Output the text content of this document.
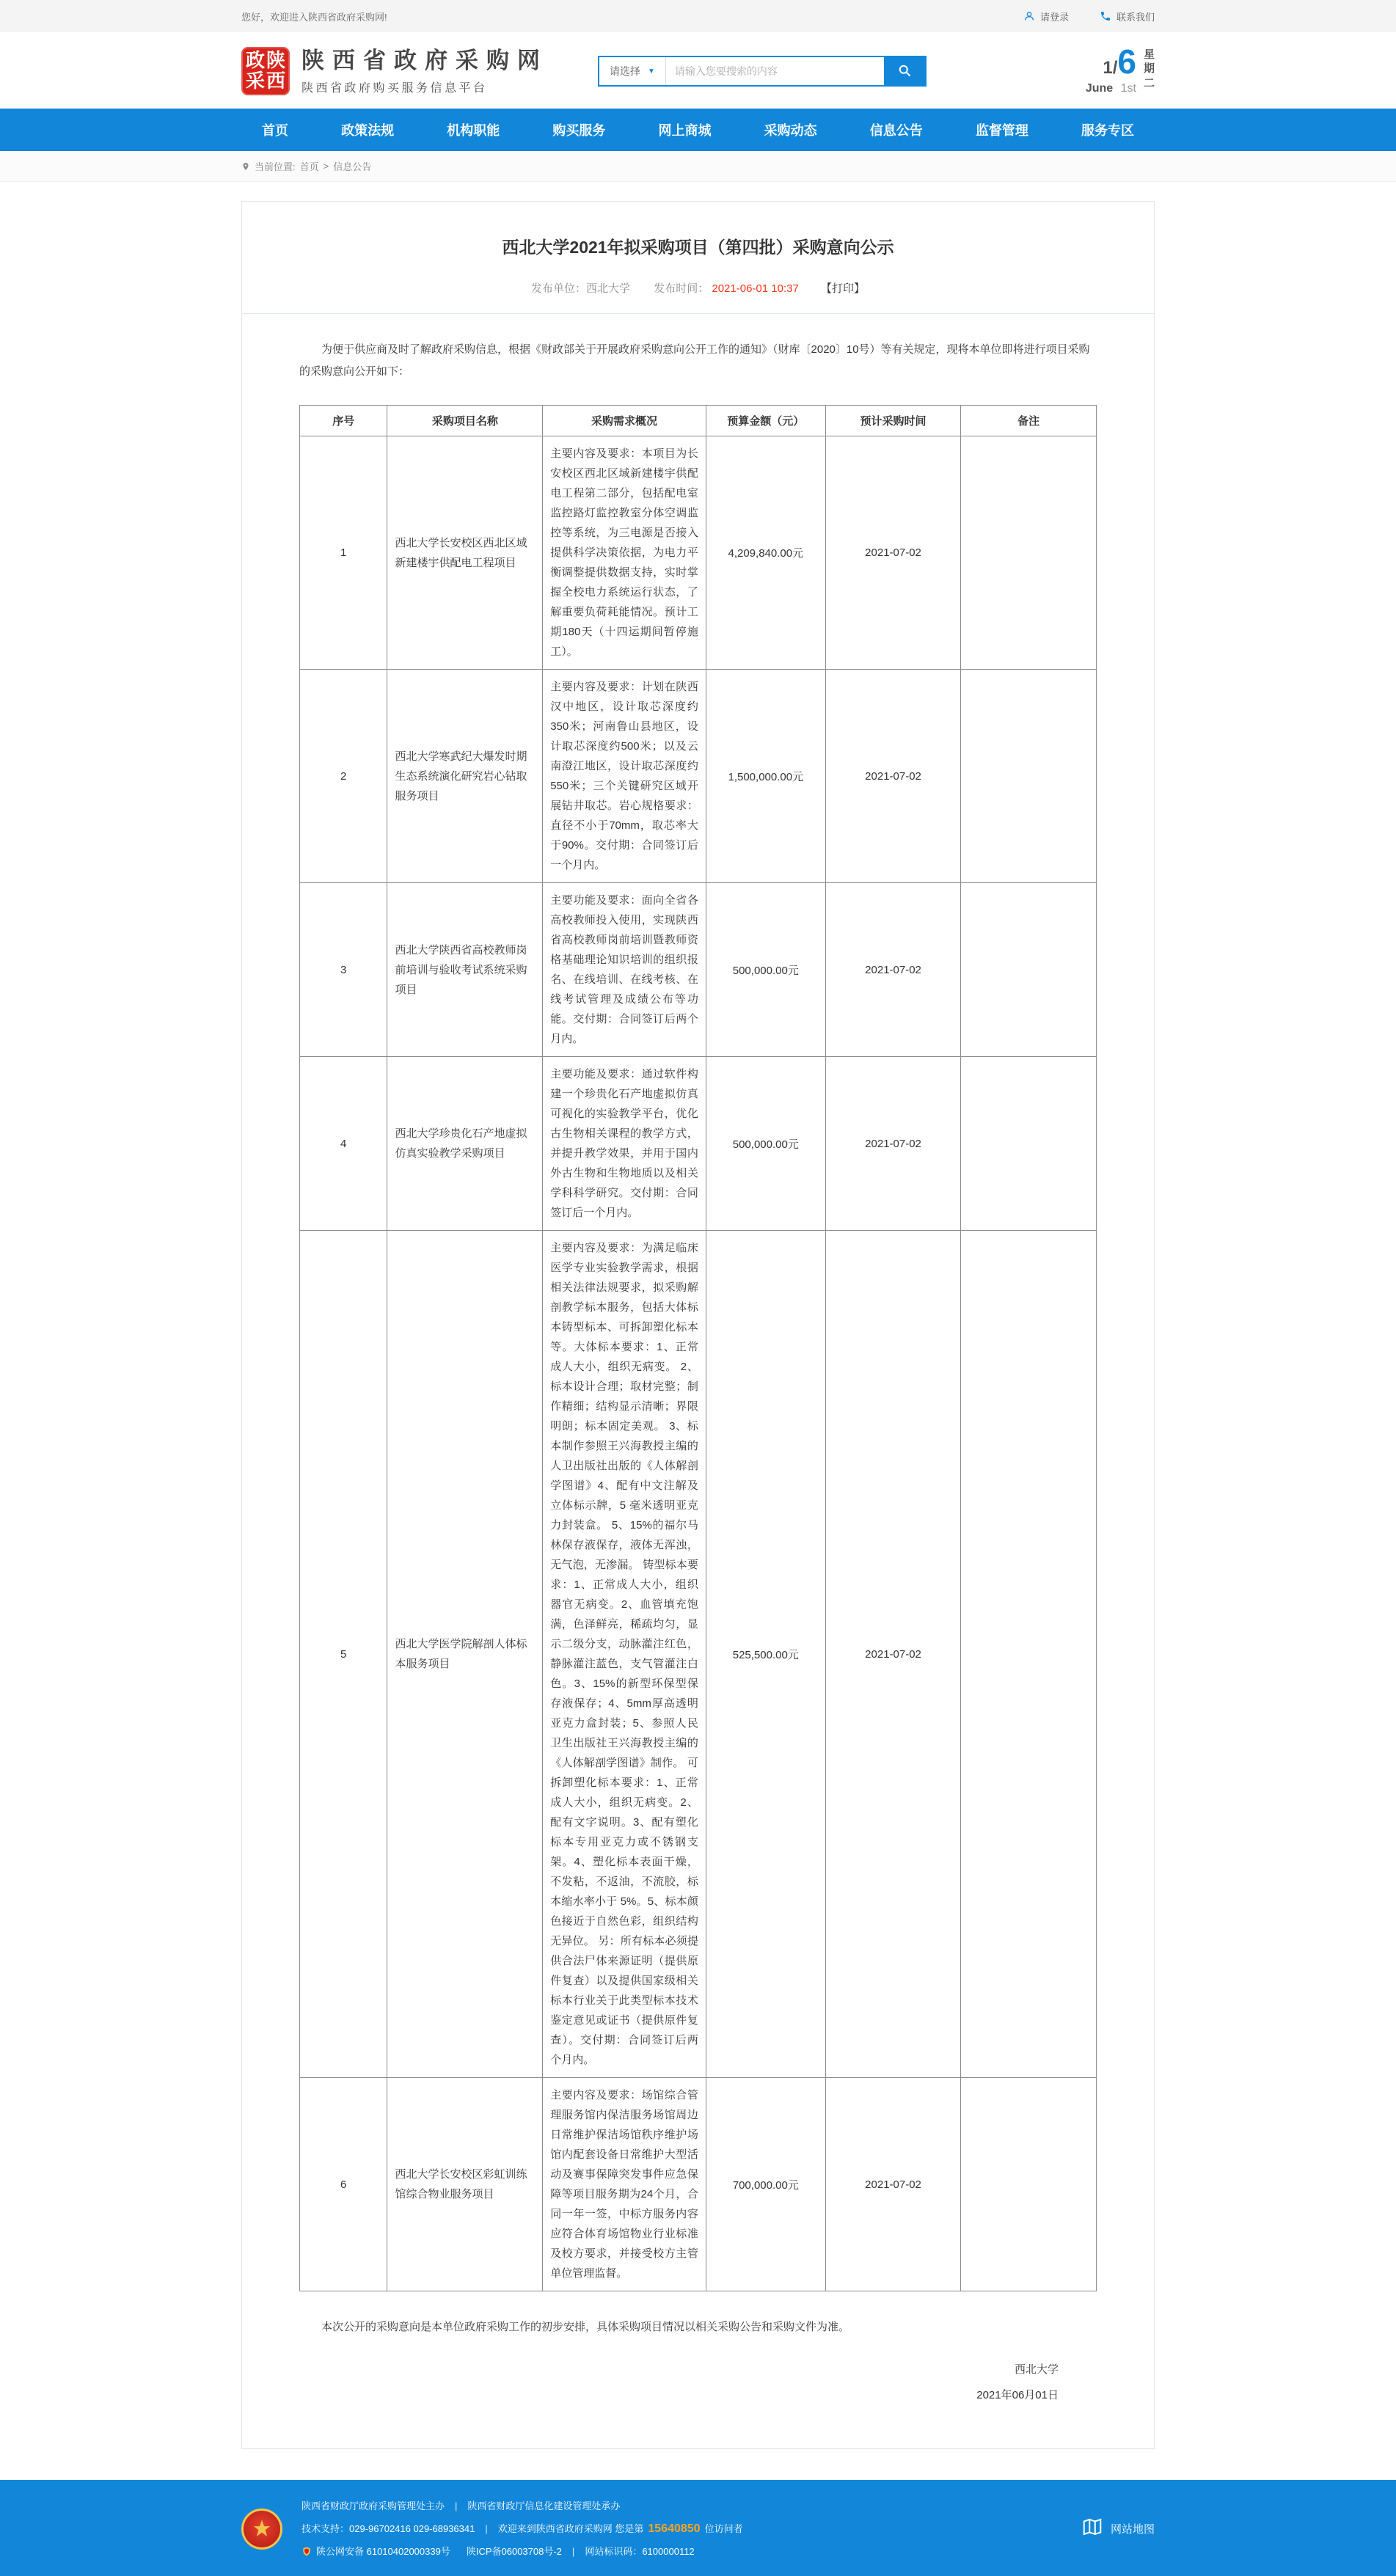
您好，欢迎进入陕西省政府采购网!	请登录	联系我们
政 陕
采 西
陕西省政府采购网
陕西省政府购买服务信息平台
请选择 ▼
请输入您要搜索的内容	1/ 6
June 1st
星
期
二
首页	政策法规	机构职能	购买服务	网上商城	采购动态	信息公告	监督管理	服务专区
当前位置: 首页 > 信息公告
西北大学2021年拟采购项目（第四批）采购意向公示
发布单位：西北大学 发布时间： 2021-06-01 10:37 【打印】

为便于供应商及时了解政府采购信息，根据《财政部关于开展政府采购意向公开工作的通知》（财库〔2020〕10号）等有关规定，现将本单位即将进行项目采购的采购意向公开如下：

序号	采购项目名称	采购需求概况	预算金额（元）	预计采购时间	备注
1	西北大学长安校区西北区域新建楼宇供配电工程项目	主要内容及要求：本项目为长安校区西北区域新建楼宇供配电工程第二部分，包括配电室监控路灯监控教室分体空调监控等系统，为三电源是否接入提供科学决策依据，为电力平衡调整提供数据支持，实时掌握全校电力系统运行状态，了解重要负荷耗能情况。预计工期180天（十四运期间暂停施工）。	4,209,840.00元	2021-07-02	
2	西北大学寒武纪大爆发时期生态系统演化研究岩心钻取服务项目	主要内容及要求：计划在陕西汉中地区，设计取芯深度约350米；河南鲁山县地区，设计取芯深度约500米；以及云南澄江地区，设计取芯深度约550米；三个关键研究区域开展钻井取芯。岩心规格要求：直径不小于70mm，取芯率大于90%。交付期：合同签订后一个月内。	1,500,000.00元	2021-07-02	
3	西北大学陕西省高校教师岗前培训与验收考试系统采购项目	主要功能及要求：面向全省各高校教师投入使用，实现陕西省高校教师岗前培训暨教师资格基础理论知识培训的组织报名、在线培训、在线考核、在线考试管理及成绩公布等功能。交付期：合同签订后两个月内。	500,000.00元	2021-07-02	
4	西北大学珍贵化石产地虚拟仿真实验教学采购项目	主要功能及要求：通过软件构建一个珍贵化石产地虚拟仿真可视化的实验教学平台，优化古生物相关课程的教学方式，并提升教学效果，并用于国内外古生物和生物地质以及相关学科科学研究。交付期：合同签订后一个月内。	500,000.00元	2021-07-02	
5	西北大学医学院解剖人体标本服务项目	主要内容及要求：为满足临床医学专业实验教学需求，根据相关法律法规要求，拟采购解剖教学标本服务，包括大体标本铸型标本、可拆卸塑化标本等。大体标本要求：1、正常成人大小，组织无病变。 2、标本设计合理；取材完整；制作精细；结构显示清晰；界限明朗；标本固定美观。 3、标本制作参照王兴海教授主编的人卫出版社出版的《人体解剖学图谱》4、配有中文注解及立体标示牌，5 毫米透明亚克力封装盒。 5、15%的福尔马林保存液保存，液体无浑浊，无气泡，无渗漏。 铸型标本要求：1、正常成人大小，组织器官无病变。2、血管填充饱满，色泽鲜亮，稀疏均匀，显示二级分支，动脉灌注红色，静脉灌注蓝色，支气管灌注白色。3、15%的新型环保型保存液保存；4、5mm厚高透明亚克力盒封装；5、参照人民卫生出版社王兴海教授主编的《人体解剖学图谱》制作。 可拆卸塑化标本要求：1、正常成人大小，组织无病变。2、配有文字说明。3、配有塑化标本专用亚克力或不锈钢支架。4、塑化标本表面干燥，不发粘，不返油，不流胶，标本缩水率小于 5%。5、标本颜色接近于自然色彩，组织结构无异位。 另：所有标本必须提供合法尸体来源证明（提供原件复查）以及提供国家级相关标本行业关于此类型标本技术鉴定意见或证书（提供原件复查）。交付期：合同签订后两个月内。	525,500.00元	2021-07-02	
6	西北大学长安校区彩虹训练馆综合物业服务项目	主要内容及要求：场馆综合管理服务馆内保洁服务场馆周边日常维护保洁场馆秩序维护场馆内配套设备日常维护大型活动及赛事保障突发事件应急保障等项目服务期为24个月，合同一年一签，中标方服务内容应符合体育场馆物业行业标准及校方要求，并接受校方主管单位管理监督。	700,000.00元	2021-07-02	

本次公开的采购意向是本单位政府采购工作的初步安排，具体采购项目情况以相关采购公告和采购文件为准。

西北大学
2021年06月01日
陕西省财政厅政府采购管理处主办 | 陕西省财政厅信息化建设管理处承办
技术支持： 029-96702416 029-68936341 | 欢迎来到陕西省政府采购网 您是第 15640850 位访问者
陕公网安备 61010402000339号 陕ICP备06003708号-2 | 网站标识码： 6100000112
网站地图
